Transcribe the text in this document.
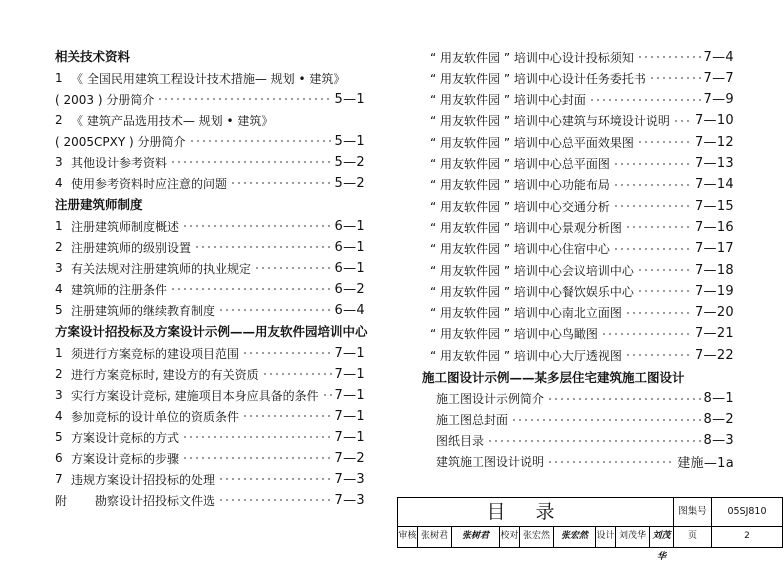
相关技术资料
1 《 全国民用建筑工程设计技术措施— 规划 • 建筑》
( 2003 ) 分册简介	5—1
2 《 建筑产品选用技术— 规划 • 建筑》
( 2005CPXY ) 分册简介	5—1
3 其他设计参考资料	5—2
4 使用参考资料时应注意的问题	5—2
注册建筑师制度
1 注册建筑师制度概述	6—1
2 注册建筑师的级别设置	6—1
3 有关法规对注册建筑师的执业规定	6—1
4 建筑师的注册条件	6—2
5 注册建筑师的继续教育制度	6—4
方案设计招投标及方案设计示例——用友软件园培训中心
1 须进行方案竞标的建设项目范围	7—1
2 进行方案竞标时, 建设方的有关资质	7—1
3 实行方案设计竞标, 建施项目本身应具备的条件 7—1
4 参加竞标的设计单位的资质条件	7—1
5 方案设计竞标的方式	7—1
6 方案设计竞标的步骤	7—2
7 违规方案设计招投标的处理	7—3
附	勘察设计招投标文件选	7—3
“ 用友软件园 ” 培训中心设计投标须知	7—4
“ 用友软件园 ” 培训中心设计任务委托书	7—7
“ 用友软件园 ” 培训中心封面	7—9
“ 用友软件园 ” 培训中心建筑与环境设计说明 7—10
“ 用友软件园 ” 培训中心总平面效果图	7—12
“ 用友软件园 ” 培训中心总平面图	7—13
“ 用友软件园 ” 培训中心功能布局	7—14
“ 用友软件园 ” 培训中心交通分析	7—15
“ 用友软件园 ” 培训中心景观分析图	7—16
“ 用友软件园 ” 培训中心住宿中心	7—17
“ 用友软件园 ” 培训中心会议培训中心	7—18
“ 用友软件园 ” 培训中心餐饮娱乐中心	7—19
“ 用友软件园 ” 培训中心南北立面图	7—20
“ 用友软件园 ” 培训中心鸟瞰图	7—21
“ 用友软件园 ” 培训中心大厅透视图	7—22
施工图设计示例——某多层住宅建筑施工图设计
施工图设计示例简介	8—1
施工图总封面	8—2
图纸目录	8—3
建筑施工图设计说明	建施—1a
目录	图集号	05SJ810
审核 张树君	张树君	校对 张宏然	张宏然 设计 刘茂华 刘茂华
页	2
